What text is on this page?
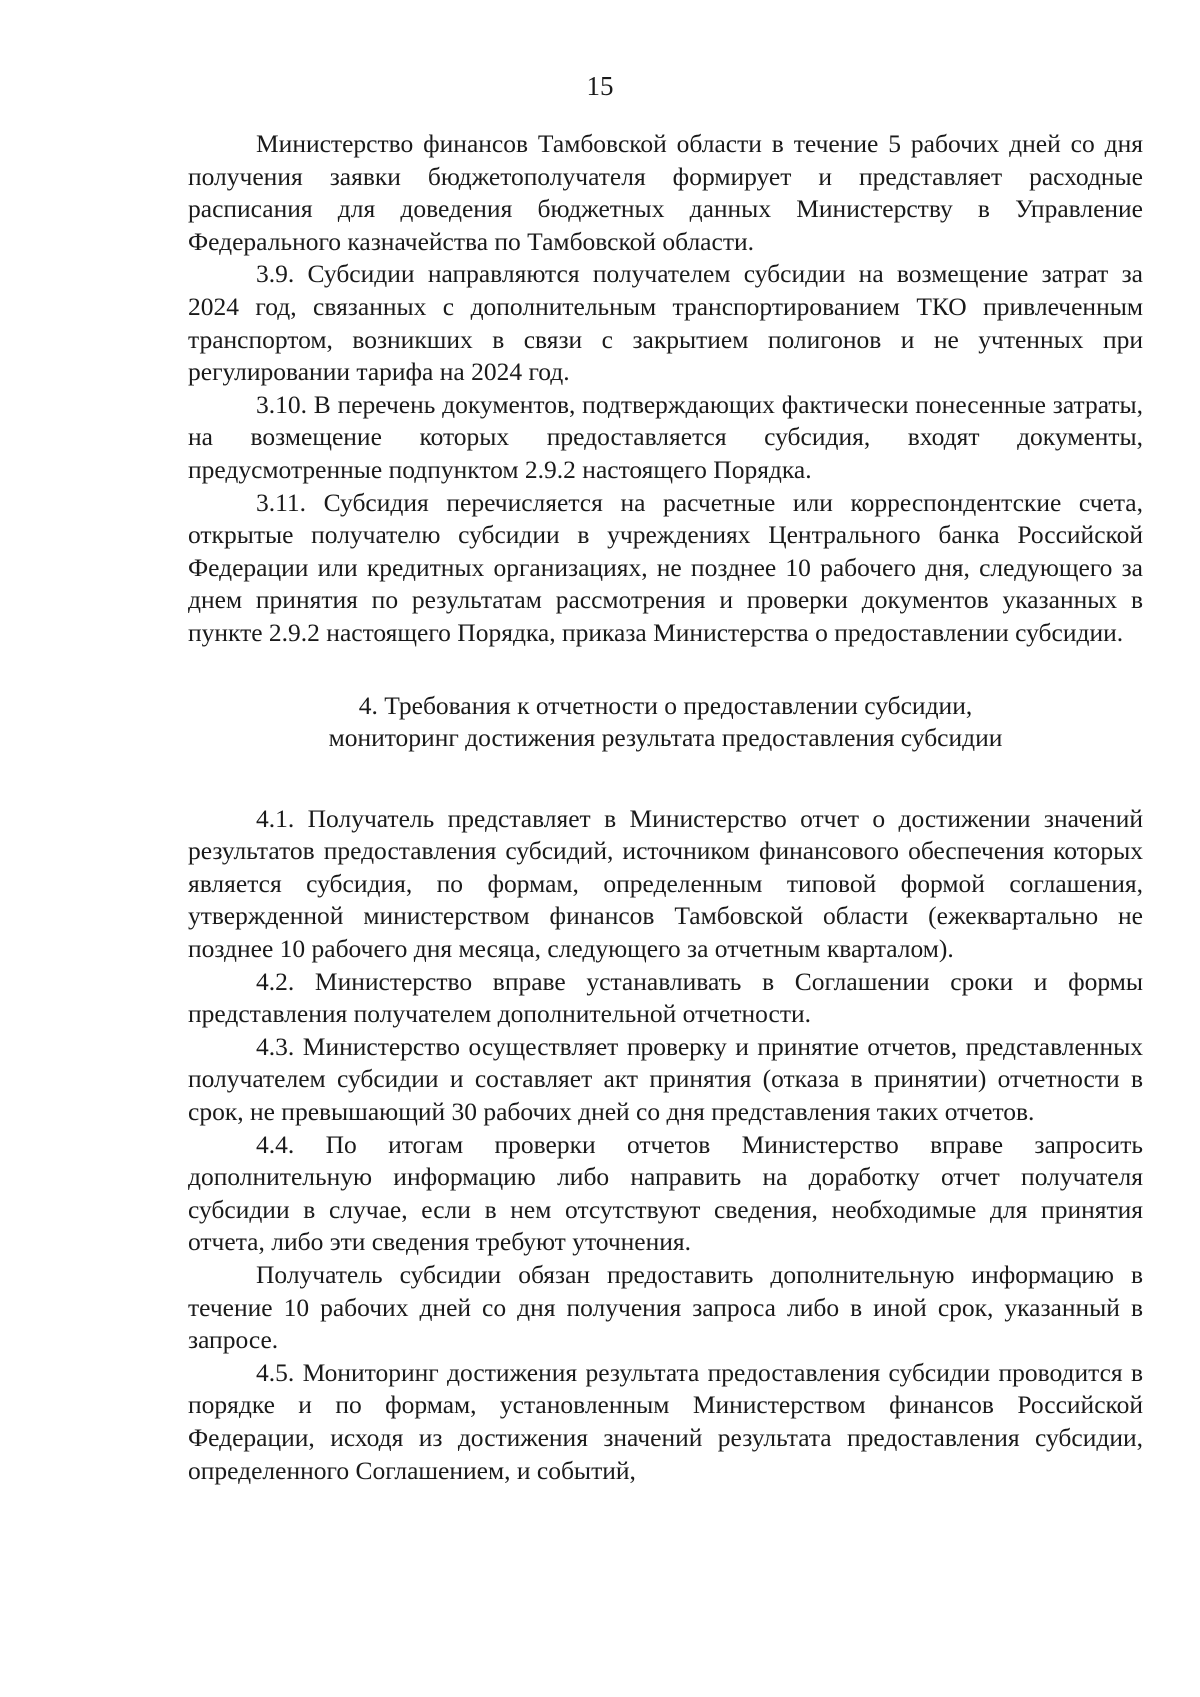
15

Министерство финансов Тамбовской области в течение 5 рабочих дней со дня получения заявки бюджетополучателя формирует и представляет расходные расписания для доведения бюджетных данных Министерству в Управление Федерального казначейства по Тамбовской области.

3.9. Субсидии направляются получателем субсидии на возмещение затрат за 2024 год, связанных с дополнительным транспортированием ТКО привлеченным транспортом, возникших в связи с закрытием полигонов и не учтенных при регулировании тарифа на 2024 год.

3.10. В перечень документов, подтверждающих фактически понесенные затраты, на возмещение которых предоставляется субсидия, входят документы, предусмотренные подпунктом 2.9.2 настоящего Порядка.

3.11. Субсидия перечисляется на расчетные или корреспондентские счета, открытые получателю субсидии в учреждениях Центрального банка Российской Федерации или кредитных организациях, не позднее 10 рабочего дня, следующего за днем принятия по результатам рассмотрения и проверки документов указанных в пункте 2.9.2 настоящего Порядка, приказа Министерства о предоставлении субсидии.

4. Требования к отчетности о предоставлении субсидии,
мониторинг достижения результата предоставления субсидии

4.1. Получатель представляет в Министерство отчет о достижении значений результатов предоставления субсидий, источником финансового обеспечения которых является субсидия, по формам, определенным типовой формой соглашения, утвержденной министерством финансов Тамбовской области (ежеквартально не позднее 10 рабочего дня месяца, следующего за отчетным кварталом).

4.2. Министерство вправе устанавливать в Соглашении сроки и формы представления получателем дополнительной отчетности.

4.3. Министерство осуществляет проверку и принятие отчетов, представленных получателем субсидии и составляет акт принятия (отказа в принятии) отчетности в срок, не превышающий 30 рабочих дней со дня представления таких отчетов.

4.4. По итогам проверки отчетов Министерство вправе запросить дополнительную информацию либо направить на доработку отчет получателя субсидии в случае, если в нем отсутствуют сведения, необходимые для принятия отчета, либо эти сведения требуют уточнения.

Получатель субсидии обязан предоставить дополнительную информацию в течение 10 рабочих дней со дня получения запроса либо в иной срок, указанный в запросе.

4.5. Мониторинг достижения результата предоставления субсидии проводится в порядке и по формам, установленным Министерством финансов Российской Федерации, исходя из достижения значений результата предоставления субсидии, определенного Соглашением, и событий,
